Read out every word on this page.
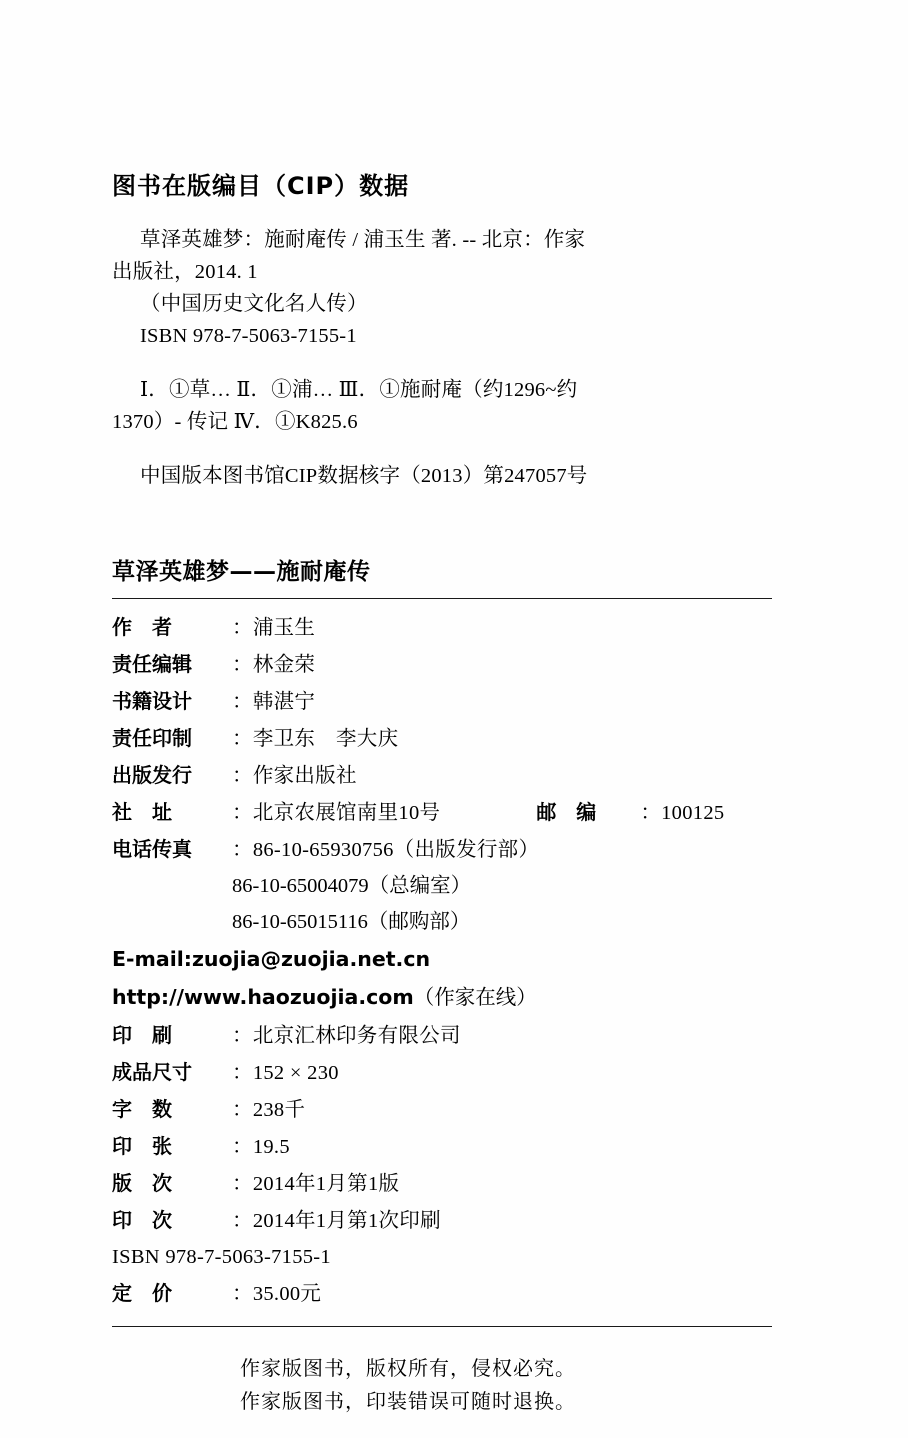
图书在版编目（CIP）数据
草泽英雄梦：施耐庵传 / 浦玉生 著. -- 北京：作家
出版社，2014. 1
（中国历史文化名人传）
ISBN 978-7-5063-7155-1
Ⅰ．①草… Ⅱ．①浦… Ⅲ．①施耐庵（约1296~约
1370）- 传记 Ⅳ．①K825.6
中国版本图书馆CIP数据核字（2013）第247057号
草泽英雄梦——施耐庵传
作　者	： 浦玉生
责任编辑	： 林金荣
书籍设计	： 韩湛宁
责任印制	： 李卫东　李大庆
出版发行	： 作家出版社
社　址	： 北京农展馆南里10号	邮　编	： 100125
电话传真	： 86-10-65930756（出版发行部）
86-10-65004079（总编室）
86-10-65015116（邮购部）
E-mail:zuojia@zuojia.net.cn
http://www.haozuojia.com（作家在线）
印　刷	： 北京汇林印务有限公司
成品尺寸	： 152 × 230
字　数	： 238千
印　张	： 19.5
版　次	： 2014年1月第1版
印　次	： 2014年1月第1次印刷
ISBN 978-7-5063-7155-1
定　价	： 35.00元
作家版图书，版权所有，侵权必究。
作家版图书，印装错误可随时退换。
